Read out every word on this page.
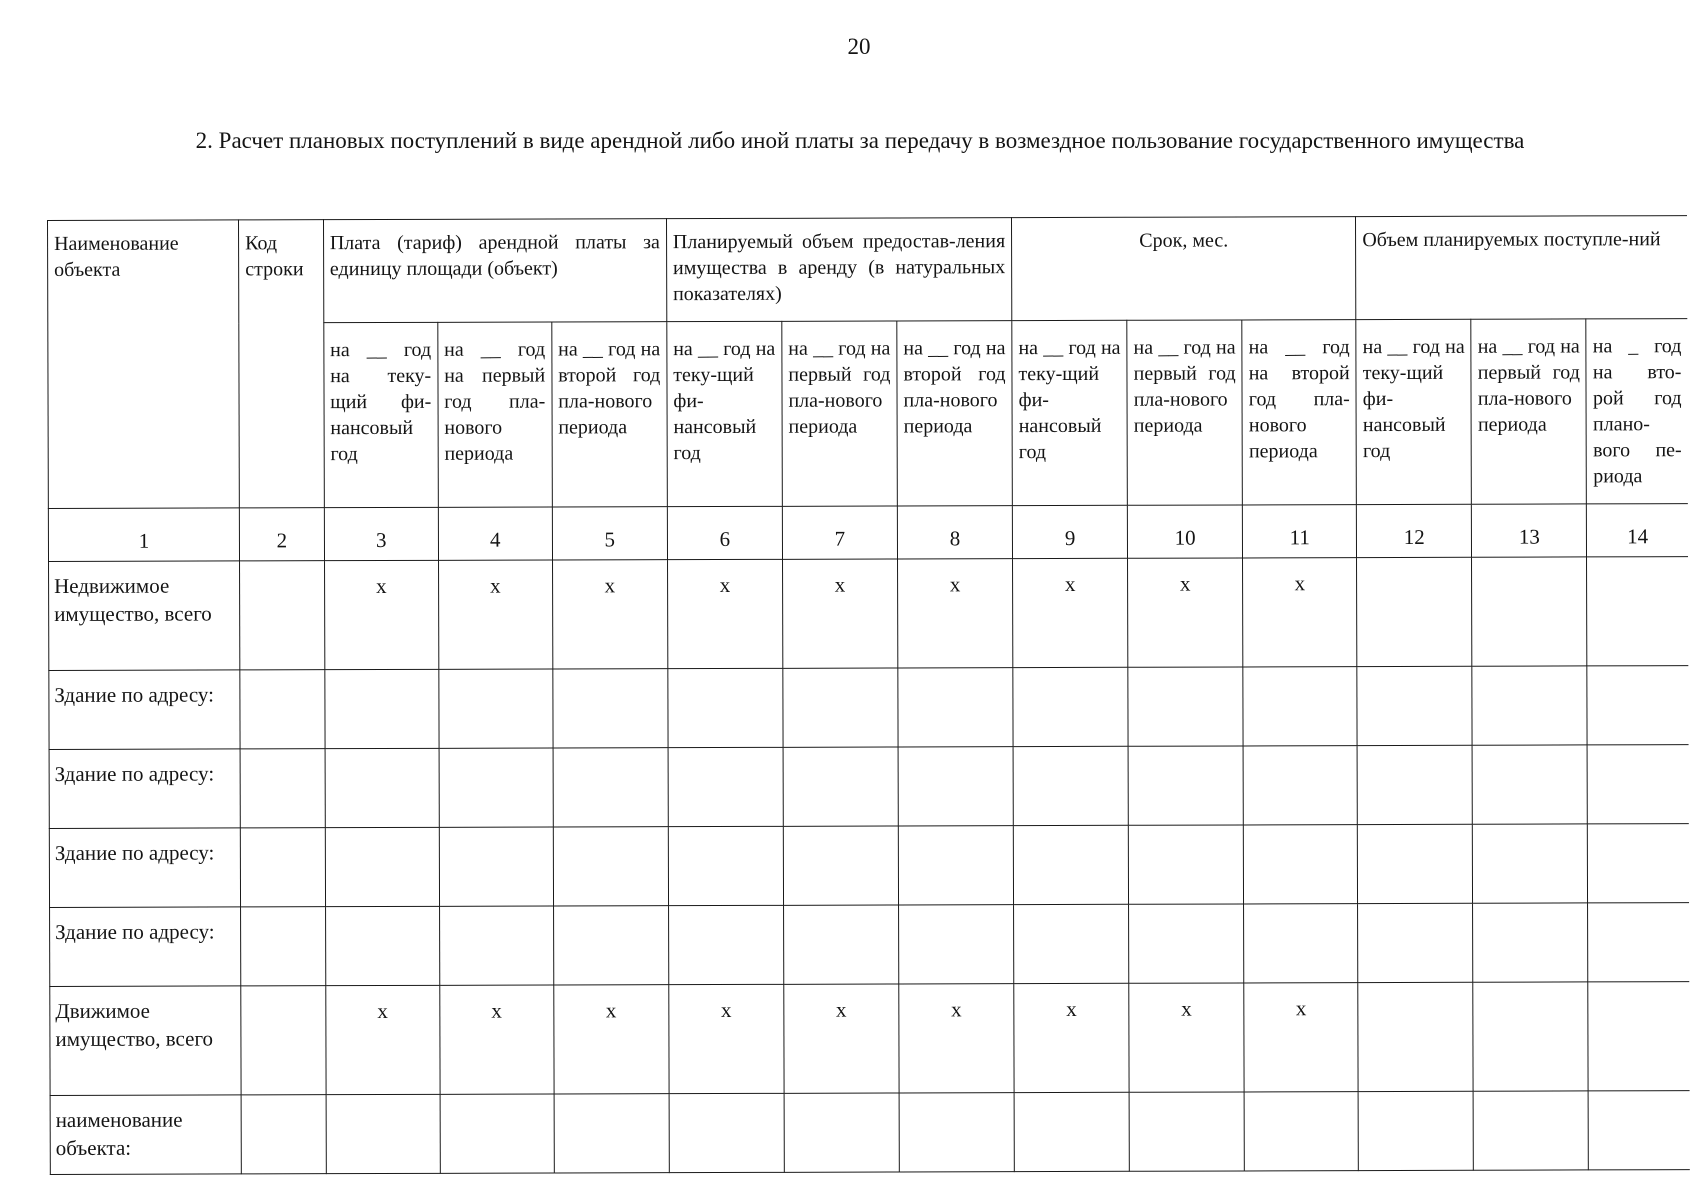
20
2. Расчет плановых поступлений в виде арендной либо иной платы за передачу в возмездное пользование государственного имущества
Наименование объекта	Код строки	Плата (тариф) арендной платы за единицу площади (объект)			Планируемый объем предостав-ления имущества в аренду (в натуральных показателях)			Срок, мес.			Объем планируемых поступле-ний		
		на __ год на теку-щий фи-нансовый год	на __ год на первый год пла-нового периода	на __ год на второй год пла-нового периода	на __ год на теку-щий фи-нансовый год	на __ год на первый год пла-нового периода	на __ год на второй год пла-нового периода	на __ год на теку-щий фи-нансовый год	на __ год на первый год пла-нового периода	на __ год на второй год пла-нового периода	на __ год на теку-щий фи-нансовый год	на __ год на первый год пла-нового периода	на _ год на вто-рой год плано-вого пе-риода
1	2	3	4	5	6	7	8	9	10	11	12	13	14
Недвижимое имущество, всего		x	x	x	x	x	x	x	x	x			
Здание по адресу:													
Здание по адресу:													
Здание по адресу:													
Здание по адресу:													
Движимое имущество, всего		x	x	x	x	x	x	x	x	x			
наименование объекта:													
